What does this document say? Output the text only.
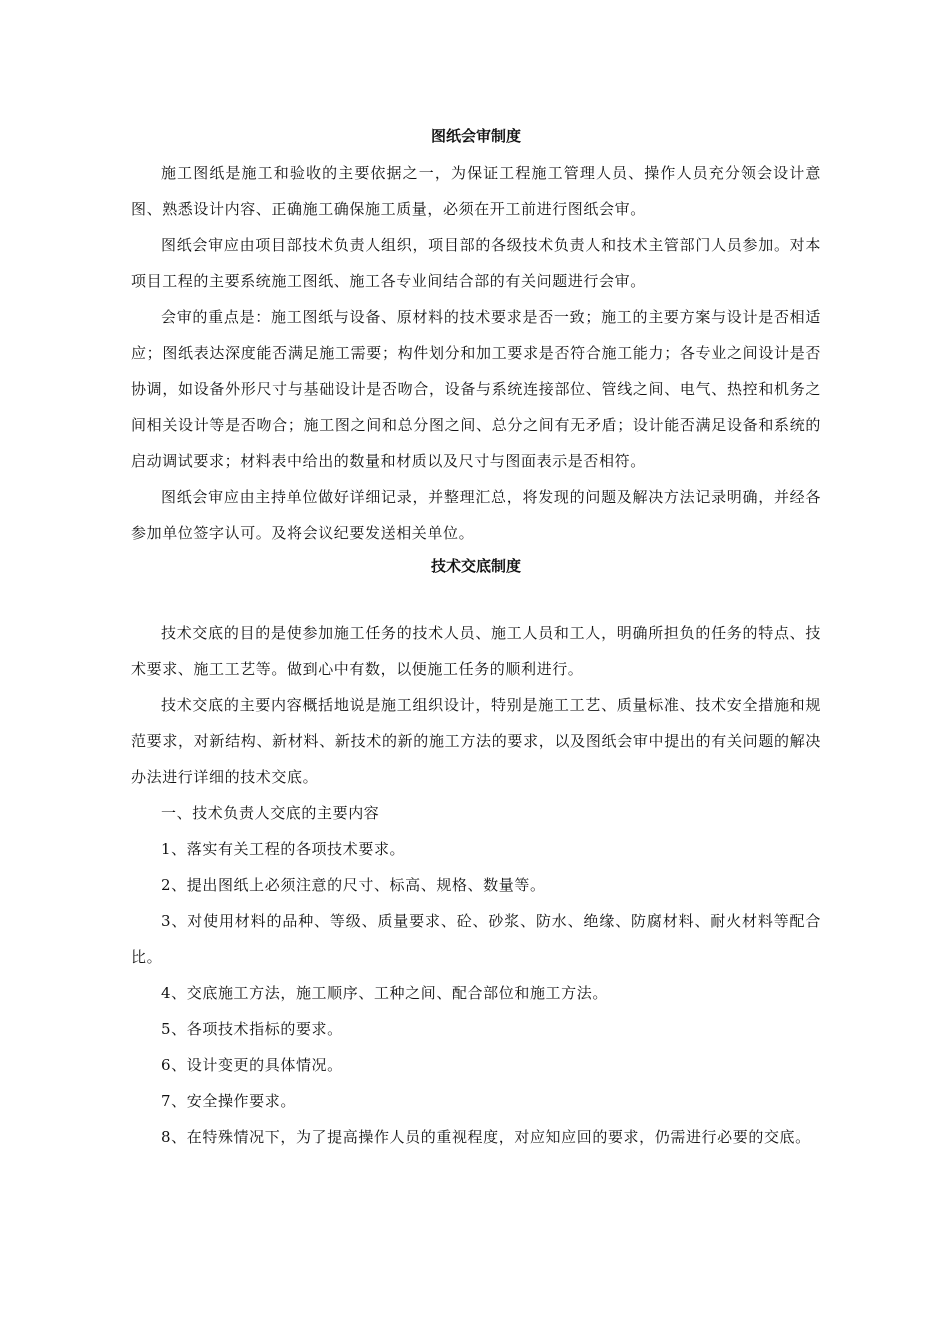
图纸会审制度

施工图纸是施工和验收的主要依据之一，为保证工程施工管理人员、操作人员充分领会设计意图、熟悉设计内容、正确施工确保施工质量，必须在开工前进行图纸会审。

图纸会审应由项目部技术负责人组织，项目部的各级技术负责人和技术主管部门人员参加。对本项目工程的主要系统施工图纸、施工各专业间结合部的有关问题进行会审。

会审的重点是：施工图纸与设备、原材料的技术要求是否一致；施工的主要方案与设计是否相适应；图纸表达深度能否满足施工需要；构件划分和加工要求是否符合施工能力；各专业之间设计是否协调，如设备外形尺寸与基础设计是否吻合，设备与系统连接部位、管线之间、电气、热控和机务之间相关设计等是否吻合；施工图之间和总分图之间、总分之间有无矛盾；设计能否满足设备和系统的启动调试要求；材料表中给出的数量和材质以及尺寸与图面表示是否相符。

图纸会审应由主持单位做好详细记录，并整理汇总，将发现的问题及解决方法记录明确，并经各参加单位签字认可。及将会议纪要发送相关单位。

技术交底制度

技术交底的目的是使参加施工任务的技术人员、施工人员和工人，明确所担负的任务的特点、技术要求、施工工艺等。做到心中有数，以便施工任务的顺利进行。

技术交底的主要内容概括地说是施工组织设计，特别是施工工艺、质量标准、技术安全措施和规范要求，对新结构、新材料、新技术的新的施工方法的要求，以及图纸会审中提出的有关问题的解决办法进行详细的技术交底。

一、技术负责人交底的主要内容

1、落实有关工程的各项技术要求。

2、提出图纸上必须注意的尺寸、标高、规格、数量等。

3、对使用材料的品种、等级、质量要求、砼、砂浆、防水、绝缘、防腐材料、耐火材料等配合比。

4、交底施工方法，施工顺序、工种之间、配合部位和施工方法。

5、各项技术指标的要求。

6、设计变更的具体情况。

7、安全操作要求。

8、在特殊情况下，为了提高操作人员的重视程度，对应知应回的要求，仍需进行必要的交底。
